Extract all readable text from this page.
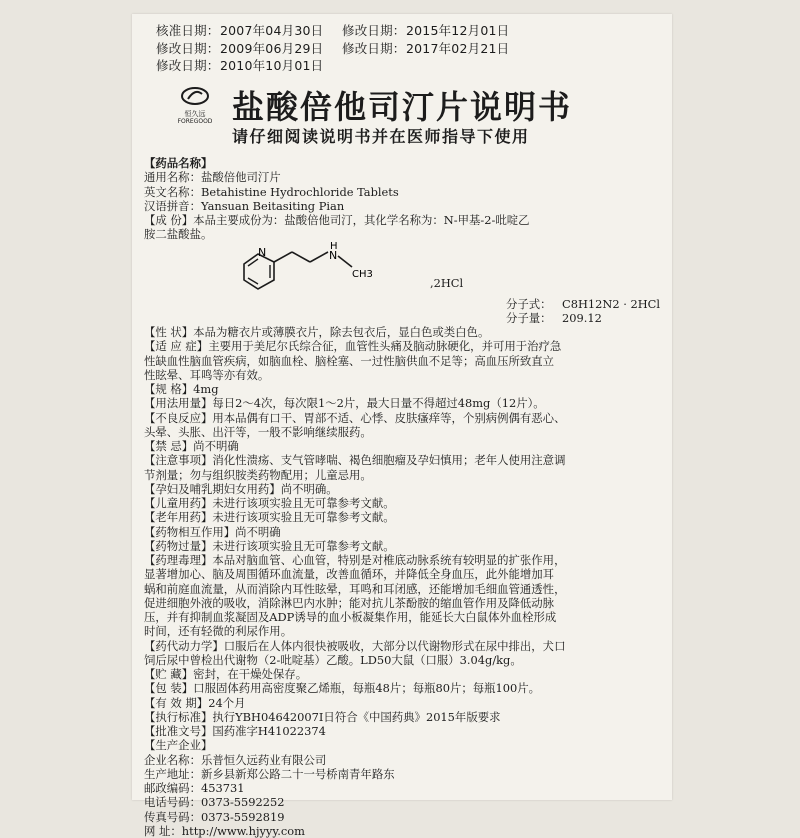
核准日期：2007年04月30日 修改日期：2015年12月01日
修改日期：2009年06月29日 修改日期：2017年02月21日
修改日期：2010年10月01日
恒久远
FOREGOOD 盐酸倍他司汀片说明书
请仔细阅读说明书并在医师指导下使用
【药品名称】
通用名称：盐酸倍他司汀片
英文名称：Betahistine Hydrochloride Tablets
汉语拼音：Yansuan Beitasiting Pian
【成 份】本品主要成份为：盐酸倍他司汀，其化学名称为：N-甲基-2-吡啶乙
胺二盐酸盐。
N	H
N
CH3
,2HCl
分子式： C8H12N2 · 2HCl
分子量： 209.12
【性 状】本品为糖衣片或薄膜衣片，除去包衣后，显白色或类白色。
【适 应 症】主要用于美尼尔氏综合征，血管性头痛及脑动脉硬化，并可用于治疗急
性缺血性脑血管疾病，如脑血栓、脑栓塞、一过性脑供血不足等；高血压所致直立
性眩晕、耳鸣等亦有效。
【规 格】4mg
【用法用量】每日2～4次，每次限1～2片，最大日量不得超过48mg（12片）。
【不良反应】用本品偶有口干、胃部不适、心悸、皮肤瘙痒等，个别病例偶有恶心、
头晕、头胀、出汗等，一般不影响继续服药。
【禁 忌】尚不明确
【注意事项】消化性溃疡、支气管哮喘、褐色细胞瘤及孕妇慎用；老年人使用注意调
节剂量；勿与组织胺类药物配用；儿童忌用。
【孕妇及哺乳期妇女用药】尚不明确。
【儿童用药】未进行该项实验且无可靠参考文献。
【老年用药】未进行该项实验且无可靠参考文献。
【药物相互作用】尚不明确
【药物过量】未进行该项实验且无可靠参考文献。
【药理毒理】本品对脑血管、心血管，特别是对椎底动脉系统有较明显的扩张作用，
显著增加心、脑及周围循环血流量，改善血循环，并降低全身血压，此外能增加耳
蜗和前庭血流量，从而消除内耳性眩晕，耳鸣和耳闭感，还能增加毛细血管通透性，
促进细胞外液的吸收，消除淋巴内水肿；能对抗儿茶酚胺的缩血管作用及降低动脉
压，并有抑制血浆凝固及ADP诱导的血小板凝集作用，能延长大白鼠体外血栓形成
时间，还有轻微的利尿作用。
【药代动力学】口服后在人体内很快被吸收，大部分以代谢物形式在尿中排出，犬口
饲后尿中曾检出代谢物（2-吡啶基）乙酸。LD50大鼠（口服）3.04g/kg。
【贮 藏】密封，在干燥处保存。
【包 装】口服固体药用高密度聚乙烯瓶，每瓶48片；每瓶80片；每瓶100片。
【有 效 期】24个月
【执行标准】执行YBH04642007I日符合《中国药典》2015年版要求
【批准文号】国药准字H41022374
【生产企业】
企业名称：乐普恒久远药业有限公司
生产地址：新乡县新郑公路二十一号桥南青年路东
邮政编码：453731
电话号码：0373-5592252
传真号码：0373-5592819
网 址：http://www.hjyyy.com
